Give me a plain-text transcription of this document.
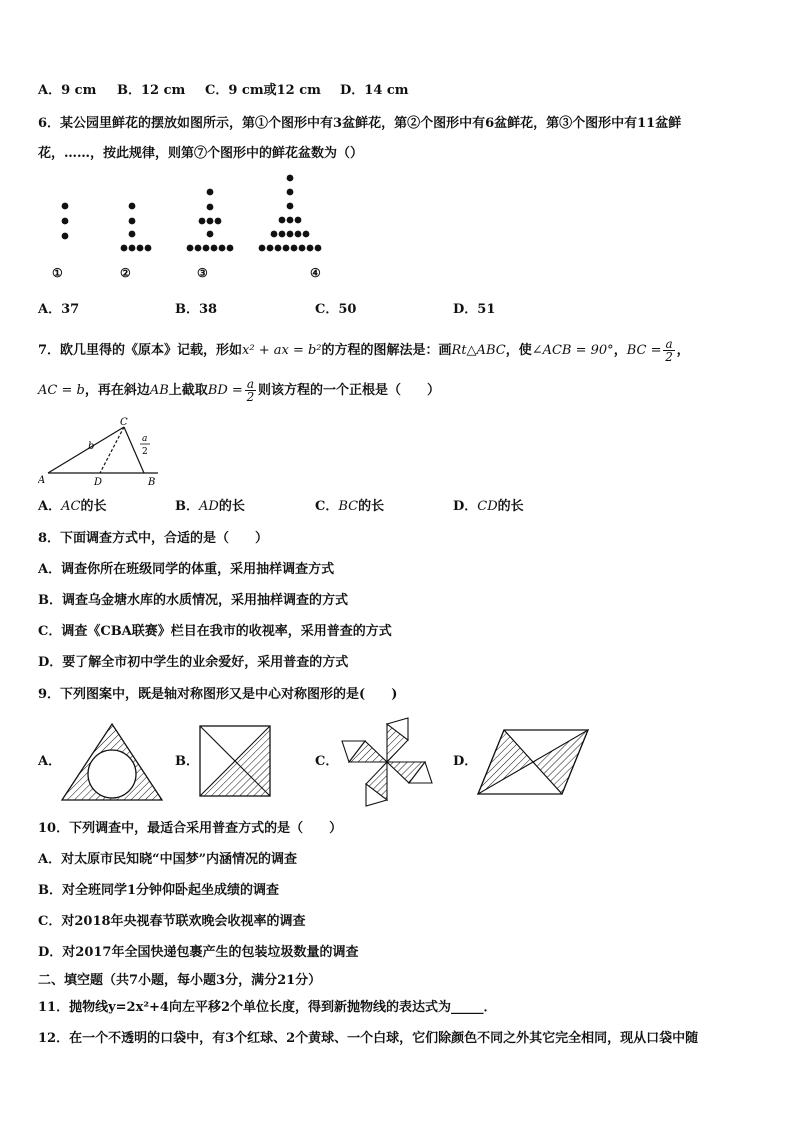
A．9 cm B．12 cm C．9 cm或12 cm D．14 cm
6．某公园里鲜花的摆放如图所示，第①个图形中有3盆鲜花，第②个图形中有6盆鲜花，第③个图形中有11盆鲜
花，……，按此规律，则第⑦个图形中的鲜花盆数为（）
①	②	③	④
A．37	B．38	C．50	D．51
7．欧几里得的《原本》记载，形如x² + ax = b²的方程的图解法是：画Rt△ABC，使∠ACB = 90°，BC = $\frac{a}{2}$ ，
AC = b，再在斜边AB上截取BD = $\frac{a}{2}$ 则该方程的一个正根是（　　）
A
C
D	B
b
a
2
A．AC的长	B．AD的长	C．BC的长	D．CD的长
8．下面调查方式中，合适的是（　　）
A．调查你所在班级同学的体重，采用抽样调查方式
B．调查乌金塘水库的水质情况，采用抽样调查的方式
C．调查《CBA联赛》栏目在我市的收视率，采用普查的方式
D．要了解全市初中学生的业余爱好，采用普查的方式
9．下列图案中，既是轴对称图形又是中心对称图形的是(　　)
A．	B．	C．	D．
10．下列调查中，最适合采用普查方式的是（　　）
A．对太原市民知晓“中国梦”内涵情况的调查
B．对全班同学1分钟仰卧起坐成绩的调查
C．对2018年央视春节联欢晚会收视率的调查
D．对2017年全国快递包裹产生的包装垃圾数量的调查
二、填空题（共7小题，每小题3分，满分21分）
11．抛物线y=2x²+4向左平移2个单位长度，得到新抛物线的表达式为_____．
12．在一个不透明的口袋中，有3个红球、2个黄球、一个白球，它们除颜色不同之外其它完全相同，现从口袋中随
